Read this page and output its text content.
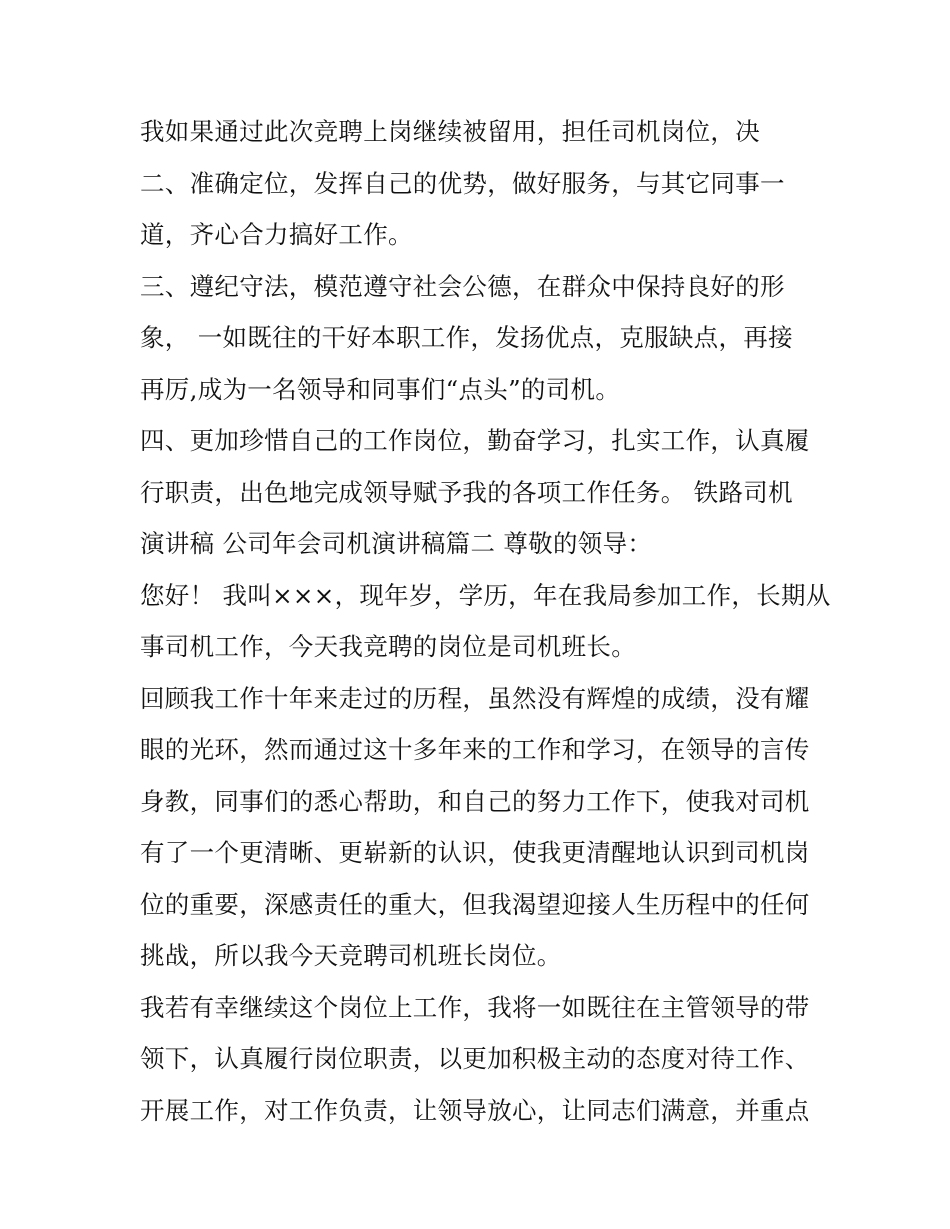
我如果通过此次竞聘上岗继续被留用，担任司机岗位，决
二、准确定位，发挥自己的优势，做好服务，与其它同事一
道，齐心合力搞好工作。
三、遵纪守法，模范遵守社会公德，在群众中保持良好的形
象， 一如既往的干好本职工作，发扬优点，克服缺点，再接
再厉,成为一名领导和同事们“点头”的司机。
四、更加珍惜自己的工作岗位，勤奋学习，扎实工作，认真履
行职责，出色地完成领导赋予我的各项工作任务。 铁路司机
演讲稿 公司年会司机演讲稿篇二 尊敬的领导：
您好！ 我叫×××，现年岁，学历，年在我局参加工作，长期从
事司机工作，今天我竞聘的岗位是司机班长。
回顾我工作十年来走过的历程，虽然没有辉煌的成绩，没有耀
眼的光环，然而通过这十多年来的工作和学习，在领导的言传
身教，同事们的悉心帮助，和自己的努力工作下，使我对司机
有了一个更清晰、更崭新的认识，使我更清醒地认识到司机岗
位的重要，深感责任的重大，但我渴望迎接人生历程中的任何
挑战，所以我今天竞聘司机班长岗位。
我若有幸继续这个岗位上工作，我将一如既往在主管领导的带
领下，认真履行岗位职责，以更加积极主动的态度对待工作、
开展工作，对工作负责，让领导放心，让同志们满意，并重点
